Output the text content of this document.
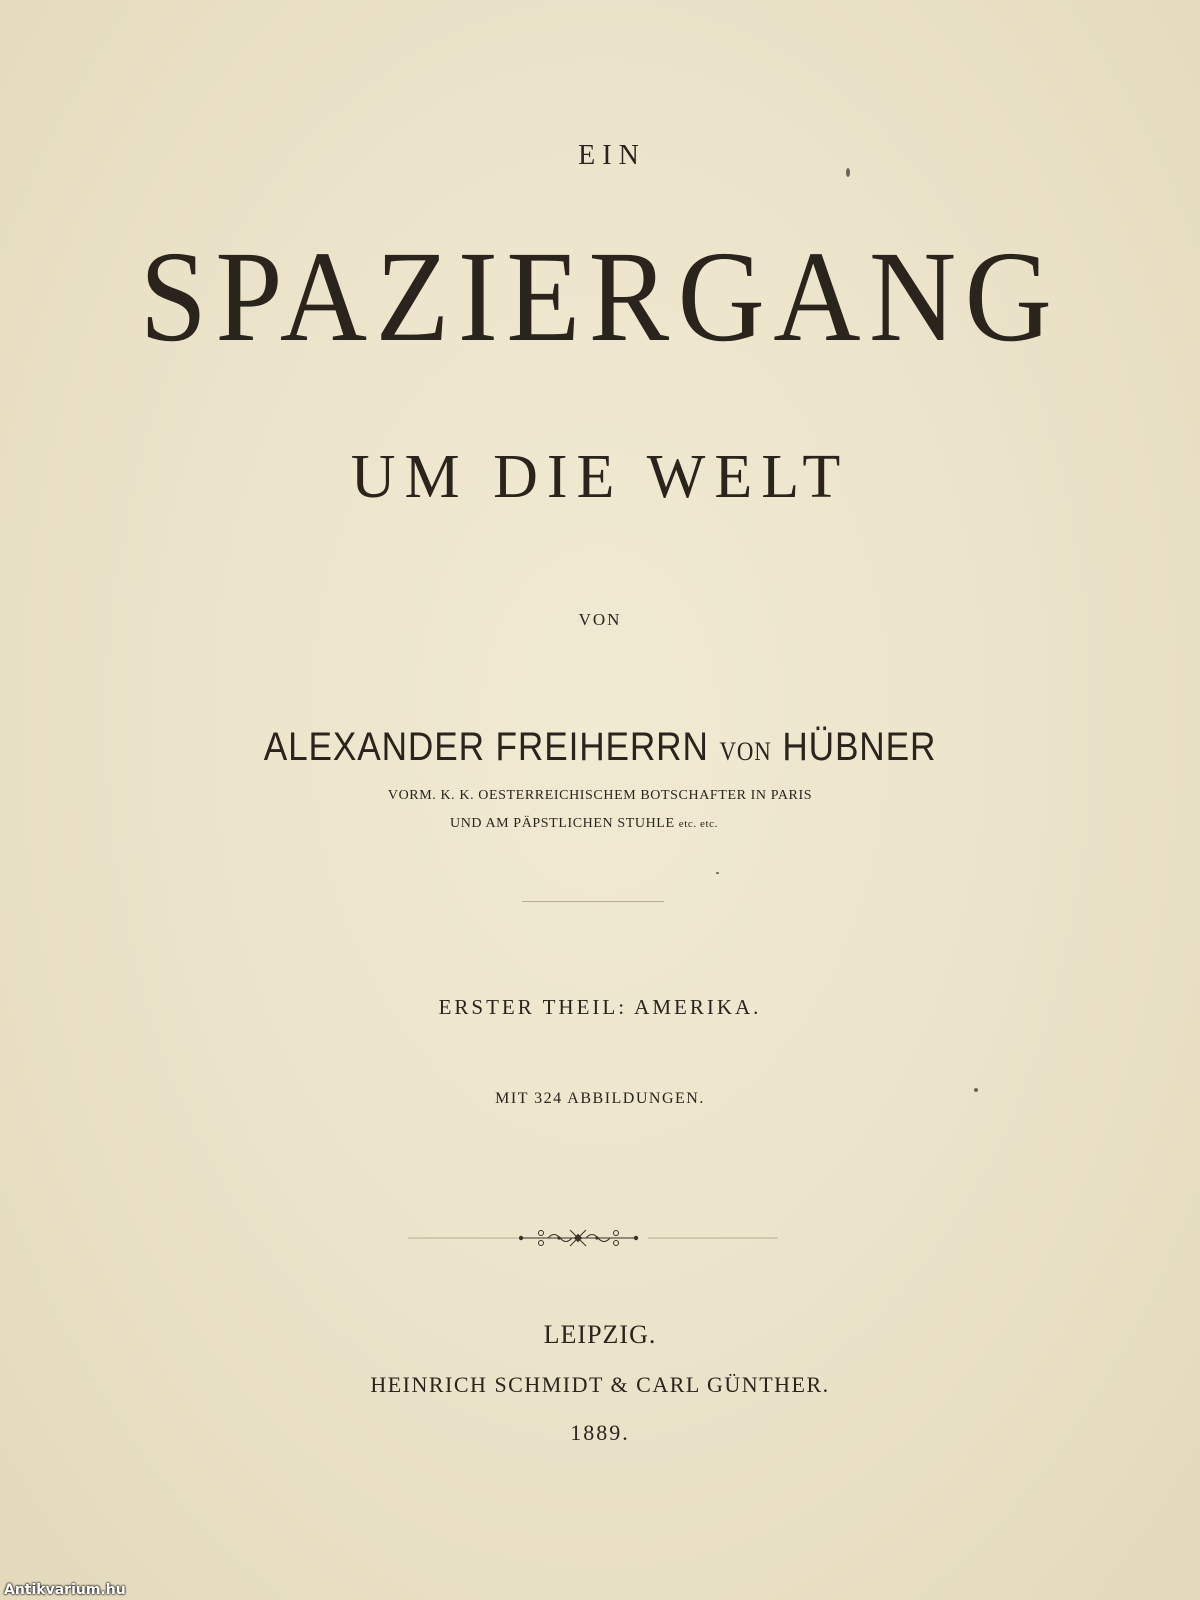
EIN
SPAZIERGANG
UM DIE WELT
VON
ALEXANDER FREIHERRN VON HÜBNER
VORM. K. K. OESTERREICHISCHEM BOTSCHAFTER IN PARIS
UND AM PÄPSTLICHEN STUHLE etc. etc.
ERSTER THEIL: AMERIKA.
MIT 324 ABBILDUNGEN.
LEIPZIG.
HEINRICH SCHMIDT & CARL GÜNTHER.
1889.
Antikvarium.hu
